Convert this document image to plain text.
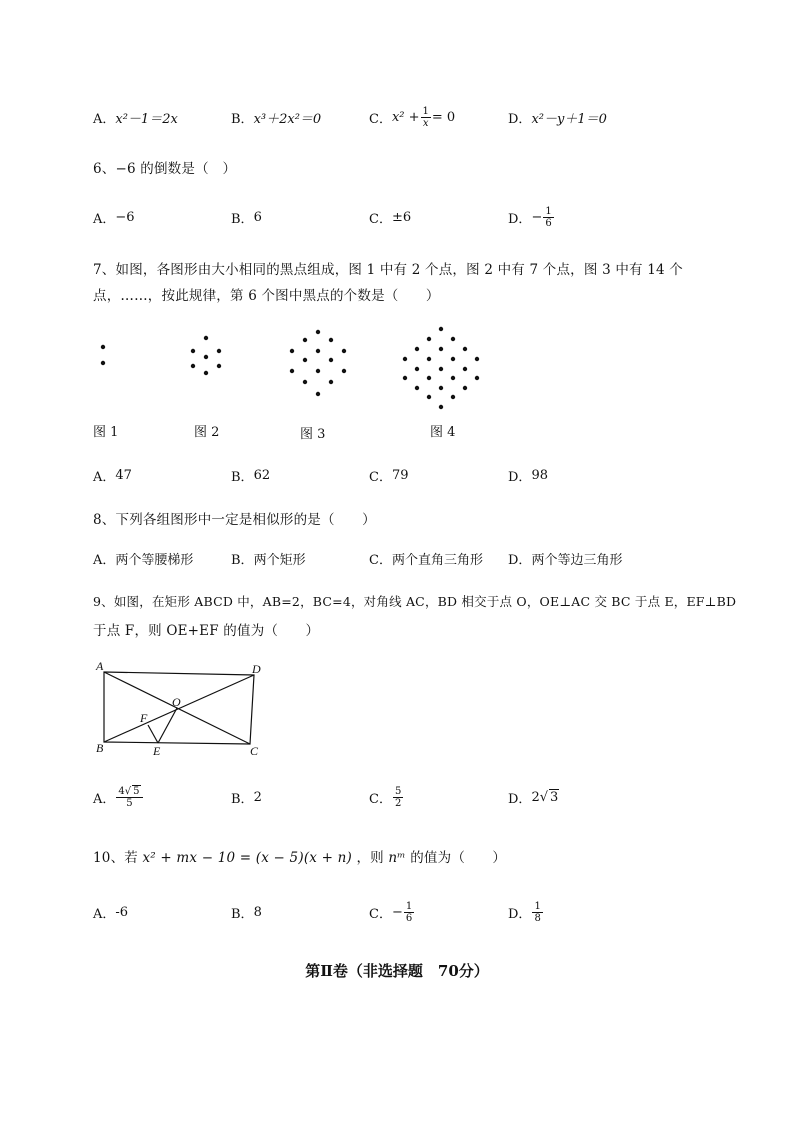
A． x²－1＝2x	B． x³＋2x²＝0	C． $x^2 + \frac{1}{x} = 0$	D． x²－y＋1＝0
6、−6 的倒数是（　）
A． −6	B． 6	C． ±6	D． − $\frac{1}{6}$
7、如图，各图形由大小相同的黑点组成，图 1 中有 2 个点，图 2 中有 7 个点，图 3 中有 14 个
点，……，按此规律，第 6 个图中黑点的个数是（　　）
图 1	图 2	图 3	图 4
A． 47	B． 62	C． 79	D． 98
8、下列各组图形中一定是相似形的是（　　）
A． 两个等腰梯形	B． 两个矩形	C． 两个直角三角形 D． 两个等边三角形
9、如图，在矩形 ABCD 中，AB=2，BC=4，对角线 AC，BD 相交于点 O，OE⊥AC 交 BC 于点 E，EF⊥BD
于点 F，则 OE+EF 的值为（　　）
A	D
O
F
B	E	C
A． $\frac{4√ 5}{5}$	B． 2	C． $\frac{5}{2}$	D． 2 √ 3
10、若 x² + mx − 10 = (x − 5)(x + n) ，则 nᵐ 的值为（　　）
A． -6	B． 8	C． − $\frac{1}{6}$	D． $\frac{1}{8}$
第Ⅱ卷（非选择题　70分）
